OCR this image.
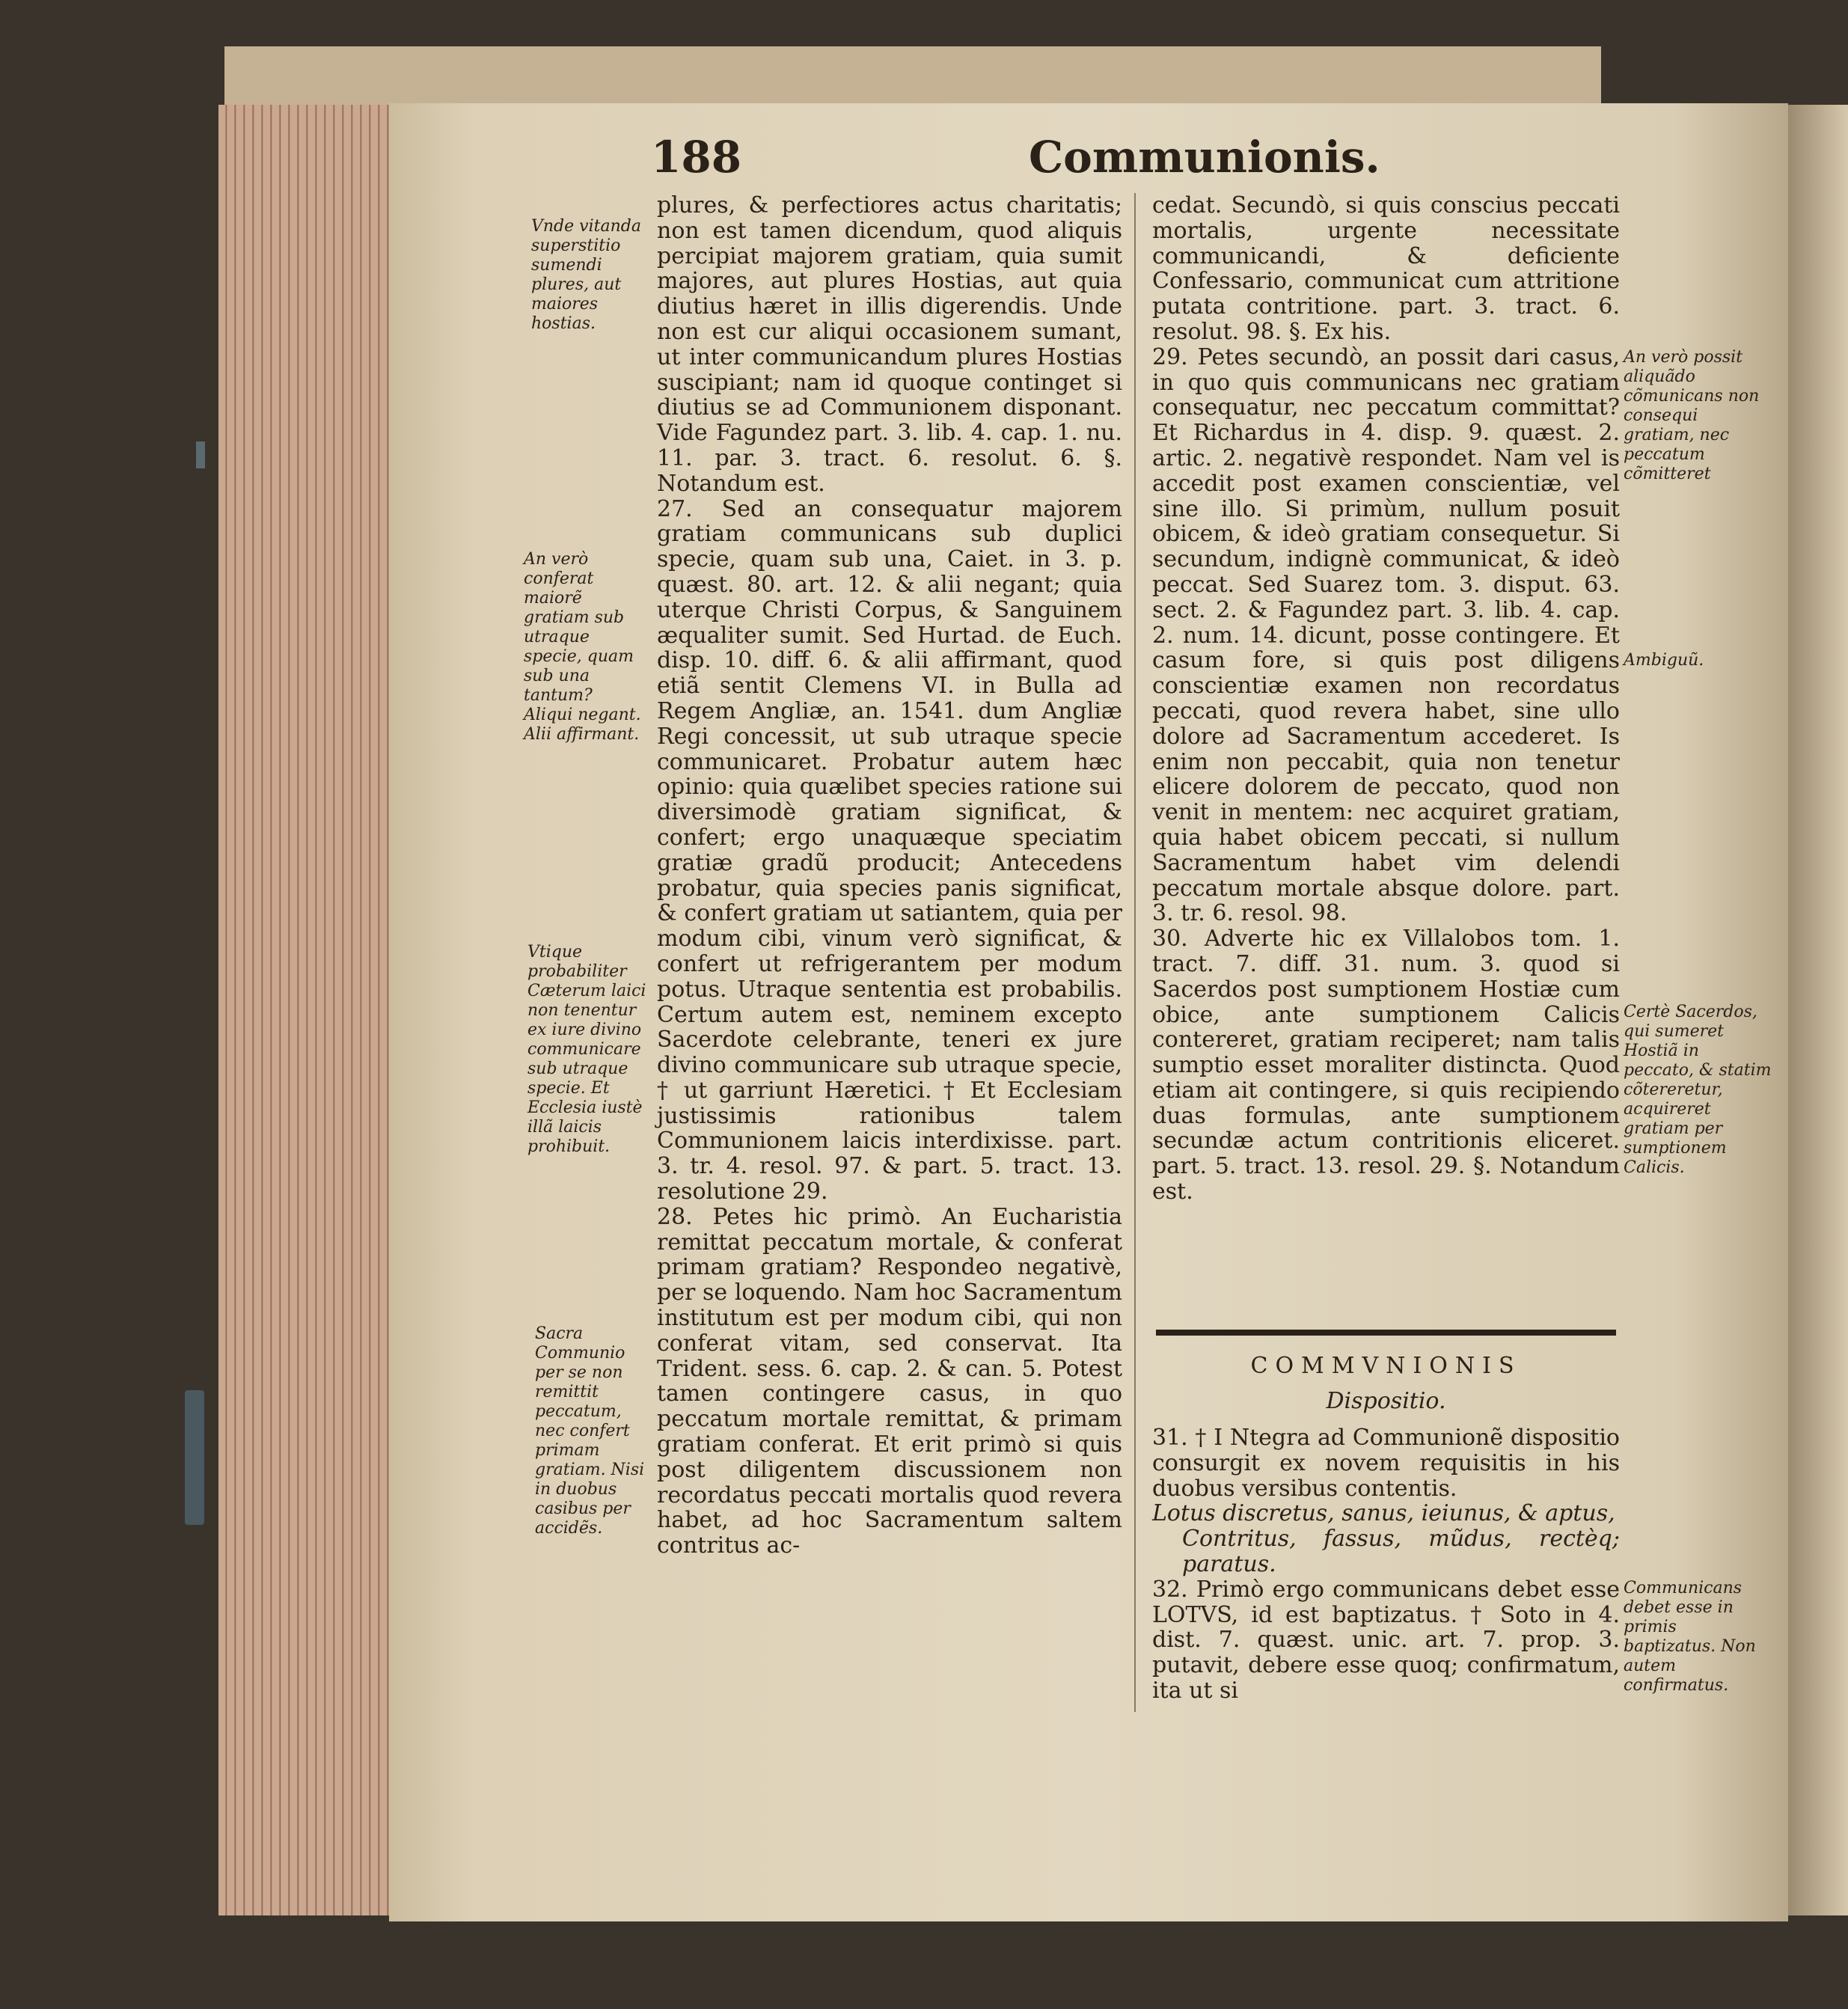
188	Communionis.

plures, & perfectiores actus charitatis; non est tamen dicendum, quod aliquis percipiat majorem gratiam, quia sumit majores, aut plures Hostias, aut quia diutius hæret in illis digerendis. Unde non est cur aliqui occasionem sumant, ut inter communicandum plures Hostias suscipiant; nam id quoque continget si diutius se ad Communionem disponant. Vide Fagundez part. 3. lib. 4. cap. 1. nu. 11. par. 3. tract. 6. resolut. 6. §. Notandum est.

27. Sed an consequatur majorem gratiam communicans sub duplici specie, quam sub una, Caiet. in 3. p. quæst. 80. art. 12. & alii negant; quia uterque Christi Corpus, & Sanguinem æqualiter sumit. Sed Hurtad. de Euch. disp. 10. diff. 6. & alii affirmant, quod etiã sentit Clemens VI. in Bulla ad Regem Angliæ, an. 1541. dum Angliæ Regi concessit, ut sub utraque specie communicaret. Probatur autem hæc opinio: quia quælibet species ratione sui diversimodè gratiam significat, & confert; ergo unaquæque speciatim gratiæ gradũ producit; Antecedens probatur, quia species panis significat, & confert gratiam ut satiantem, quia per modum cibi, vinum verò significat, & confert ut refrigerantem per modum potus. Utraque sententia est probabilis. Certum autem est, neminem excepto Sacerdote celebrante, teneri ex jure divino communicare sub utraque specie, † ut garriunt Hæretici. † Et Ecclesiam justissimis rationibus talem Communionem laicis interdixisse. part. 3. tr. 4. resol. 97. & part. 5. tract. 13. resolutione 29.

28. Petes hic primò. An Eucharistia remittat peccatum mortale, & conferat primam gratiam? Respondeo negativè, per se loquendo. Nam hoc Sacramentum institutum est per modum cibi, qui non conferat vitam, sed conservat. Ita Trident. sess. 6. cap. 2. & can. 5. Potest tamen contingere casus, in quo peccatum mortale remittat, & primam gratiam conferat. Et erit primò si quis post diligentem discussionem non recordatus peccati mortalis quod revera habet, ad hoc Sacramentum saltem contritus ac-

cedat. Secundò, si quis conscius peccati mortalis, urgente necessitate communicandi, & deficiente Confessario, communicat cum attritione putata contritione. part. 3. tract. 6. resolut. 98. §. Ex his.

29. Petes secundò, an possit dari casus, in quo quis communicans nec gratiam consequatur, nec peccatum committat? Et Richardus in 4. disp. 9. quæst. 2. artic. 2. negativè respondet. Nam vel is accedit post examen conscientiæ, vel sine illo. Si primùm, nullum posuit obicem, & ideò gratiam consequetur. Si secundum, indignè communicat, & ideò peccat. Sed Suarez tom. 3. disput. 63. sect. 2. & Fagundez part. 3. lib. 4. cap. 2. num. 14. dicunt, posse contingere. Et casum fore, si quis post diligens conscientiæ examen non recordatus peccati, quod revera habet, sine ullo dolore ad Sacramentum accederet. Is enim non peccabit, quia non tenetur elicere dolorem de peccato, quod non venit in mentem: nec acquiret gratiam, quia habet obicem peccati, si nullum Sacramentum habet vim delendi peccatum mortale absque dolore. part. 3. tr. 6. resol. 98.

30. Adverte hic ex Villalobos tom. 1. tract. 7. diff. 31. num. 3. quod si Sacerdos post sumptionem Hostiæ cum obice, ante sumptionem Calicis contereret, gratiam reciperet; nam talis sumptio esset moraliter distincta. Quod etiam ait contingere, si quis recipiendo duas formulas, ante sumptionem secundæ actum contritionis eliceret. part. 5. tract. 13. resol. 29. §. Notandum est.

COMMVNIONIS
Dispositio.

31. † I Ntegra ad Communionẽ dispositio consurgit ex novem requisitis in his duobus versibus contentis.

Lotus discretus, sanus, ieiunus, & aptus,

Contritus, fassus, mũdus, rectèq; paratus.

32. Primò ergo communicans debet esse LOTVS, id est baptizatus. † Soto in 4. dist. 7. quæst. unic. art. 7. prop. 3. putavit, debere esse quoq; confirmatum, ita ut si

Vnde vitanda superstitio sumendi plures, aut maiores hostias.
An verò conferat maiorẽ gratiam sub utraque specie, quam sub una tantum? Aliqui negant. Alii affirmant.
Vtique probabiliter Cæterum laici non tenentur ex iure divino communicare sub utraque specie. Et Ecclesia iustè illã laicis prohibuit.
Sacra Communio per se non remittit peccatum, nec confert primam gratiam. Nisi in duobus casibus per accidẽs.
An verò possit aliquãdo cõmunicans non consequi gratiam, nec peccatum cõmitteret
Ambiguũ.
Certè Sacerdos, qui sumeret Hostiã in peccato, & statim cõtereretur, acquireret gratiam per sumptionem Calicis.
Communicans debet esse in primis baptizatus. Non autem confirmatus.
